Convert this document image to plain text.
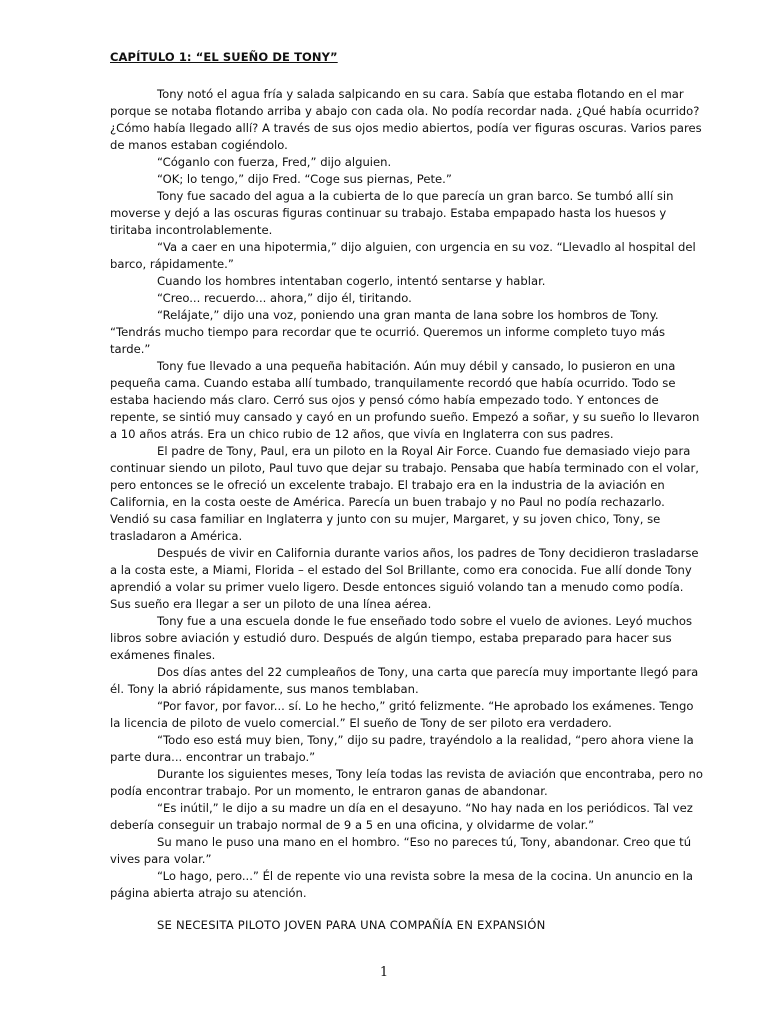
CAPÍTULO 1: “EL SUEÑO DE TONY”

Tony notó el agua fría y salada salpicando en su cara. Sabía que estaba flotando en el mar porque se notaba flotando arriba y abajo con cada ola. No podía recordar nada. ¿Qué había ocurrido? ¿Cómo había llegado allí? A través de sus ojos medio abiertos, podía ver figuras oscuras. Varios pares de manos estaban cogiéndolo.

“Cóganlo con fuerza, Fred,” dijo alguien.

“OK; lo tengo,” dijo Fred. “Coge sus piernas, Pete.”

Tony fue sacado del agua a la cubierta de lo que parecía un gran barco. Se tumbó allí sin moverse y dejó a las oscuras figuras continuar su trabajo. Estaba empapado hasta los huesos y tiritaba incontrolablemente.

“Va a caer en una hipotermia,” dijo alguien, con urgencia en su voz. “Llevadlo al hospital del barco, rápidamente.”

Cuando los hombres intentaban cogerlo, intentó sentarse y hablar.

“Creo... recuerdo... ahora,” dijo él, tiritando.

“Relájate,” dijo una voz, poniendo una gran manta de lana sobre los hombros de Tony. “Tendrás mucho tiempo para recordar que te ocurrió. Queremos un informe completo tuyo más tarde.”

Tony fue llevado a una pequeña habitación. Aún muy débil y cansado, lo pusieron en una pequeña cama. Cuando estaba allí tumbado, tranquilamente recordó que había ocurrido. Todo se estaba haciendo más claro. Cerró sus ojos y pensó cómo había empezado todo. Y entonces de repente, se sintió muy cansado y cayó en un profundo sueño. Empezó a soñar, y su sueño lo llevaron a 10 años atrás. Era un chico rubio de 12 años, que vivía en Inglaterra con sus padres.

El padre de Tony, Paul, era un piloto en la Royal Air Force. Cuando fue demasiado viejo para continuar siendo un piloto, Paul tuvo que dejar su trabajo. Pensaba que había terminado con el volar, pero entonces se le ofreció un excelente trabajo. El trabajo era en la industria de la aviación en California, en la costa oeste de América. Parecía un buen trabajo y no Paul no podía rechazarlo. Vendió su casa familiar en Inglaterra y junto con su mujer, Margaret, y su joven chico, Tony, se trasladaron a América.

Después de vivir en California durante varios años, los padres de Tony decidieron trasladarse a la costa este, a Miami, Florida – el estado del Sol Brillante, como era conocida. Fue allí donde Tony aprendió a volar su primer vuelo ligero. Desde entonces siguió volando tan a menudo como podía. Sus sueño era llegar a ser un piloto de una línea aérea.

Tony fue a una escuela donde le fue enseñado todo sobre el vuelo de aviones. Leyó muchos libros sobre aviación y estudió duro. Después de algún tiempo, estaba preparado para hacer sus exámenes finales.

Dos días antes del 22 cumpleaños de Tony, una carta que parecía muy importante llegó para él. Tony la abrió rápidamente, sus manos temblaban.

“Por favor, por favor... sí. Lo he hecho,” gritó felizmente. “He aprobado los exámenes. Tengo la licencia de piloto de vuelo comercial.” El sueño de Tony de ser piloto era verdadero.

“Todo eso está muy bien, Tony,” dijo su padre, trayéndolo a la realidad, “pero ahora viene la parte dura... encontrar un trabajo.”

Durante los siguientes meses, Tony leía todas las revista de aviación que encontraba, pero no podía encontrar trabajo. Por un momento, le entraron ganas de abandonar.

“Es inútil,” le dijo a su madre un día en el desayuno. “No hay nada en los periódicos. Tal vez debería conseguir un trabajo normal de 9 a 5 en una oficina, y olvidarme de volar.”

Su mano le puso una mano en el hombro. “Eso no pareces tú, Tony, abandonar. Creo que tú vives para volar.”

“Lo hago, pero...” Él de repente vio una revista sobre la mesa de la cocina. Un anuncio en la página abierta atrajo su atención.

SE NECESITA PILOTO JOVEN PARA UNA COMPAÑÍA EN EXPANSIÓN
1
